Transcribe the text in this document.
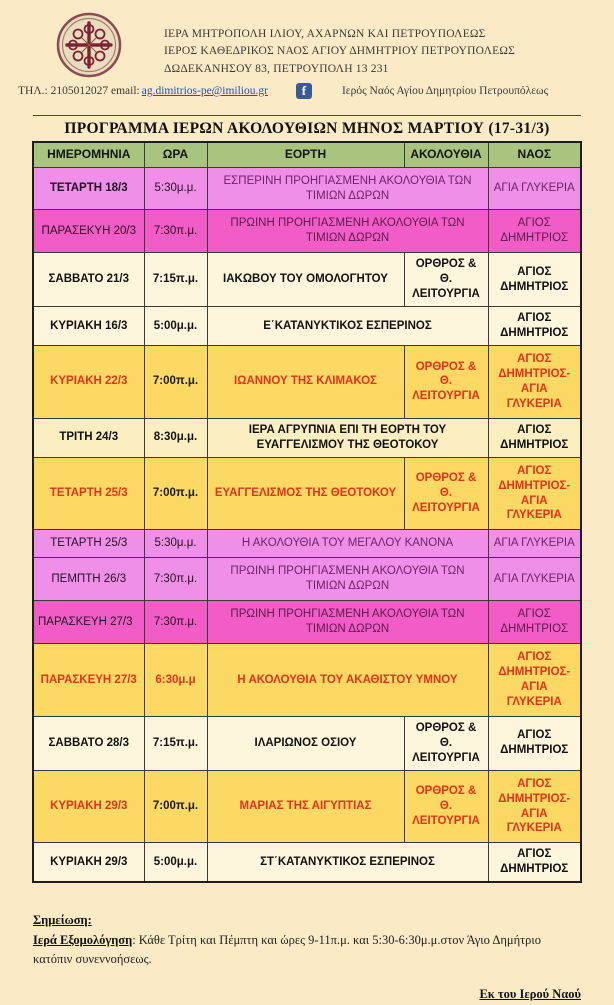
ΙΕΡΑ ΜΗΤΡΟΠΟΛΗ ΙΛΙΟΥ, ΑΧΑΡΝΩΝ ΚΑΙ ΠΕΤΡΟΥΠΟΛΕΩΣ
ΙΕΡΟΣ ΚΑΘΕΔΡΙΚΟΣ ΝΑΟΣ ΑΓΙΟΥ ΔΗΜΗΤΡΙΟΥ ΠΕΤΡΟΥΠΟΛΕΩΣ
ΔΩΔΕΚΑΝΗΣΟΥ 83, ΠΕΤΡΟΥΠΟΛΗ 13 231
ΤΗΛ.: 2105012027 email: ag.dimitrios-pe@imiliou.gr	f	Ιερός Ναός Αγίου Δημητρίου Πετρουπόλεως
ΠΡΟΓΡΑΜΜΑ ΙΕΡΩΝ ΑΚΟΛΟΥΘΙΩΝ ΜΗΝΟΣ ΜΑΡΤΙΟΥ (17-31/3)
ΗΜΕΡΟΜΗΝΙΑ	ΩΡΑ	ΕΟΡΤΗ	ΑΚΟΛΟΥΘΙΑ	ΝΑΟΣ
ΤΕΤΑΡΤΗ 18/3	5:30μ.μ.	ΕΣΠΕΡΙΝΗ ΠΡΟΗΓΙΑΣΜΕΝΗ ΑΚΟΛΟΥΘΙΑ ΤΩΝ ΤΙΜΙΩΝ ΔΩΡΩΝ		ΑΓΙΑ ΓΛΥΚΕΡΙΑ
ΠΑΡΑΣΕΚΥΗ 20/3	7:30π.μ.	ΠΡΩΙΝΗ ΠΡΟΗΓΙΑΣΜΕΝΗ ΑΚΟΛΟΥΘΙΑ ΤΩΝ ΤΙΜΙΩΝ ΔΩΡΩΝ		ΑΓΙΟΣ ΔΗΜΗΤΡΙΟΣ
ΣΑΒΒΑΤΟ 21/3	7:15π.μ.	ΙΑΚΩΒΟΥ ΤΟΥ ΟΜΟΛΟΓΗΤΟΥ	ΟΡΘΡΟΣ & Θ. ΛΕΙΤΟΥΡΓΙΑ	ΑΓΙΟΣ ΔΗΜΗΤΡΙΟΣ
ΚΥΡΙΑΚΗ 16/3	5:00μ.μ.	Ε΄ΚΑΤΑΝΥΚΤΙΚΟΣ ΕΣΠΕΡΙΝΟΣ		ΑΓΙΟΣ ΔΗΜΗΤΡΙΟΣ
ΚΥΡΙΑΚΗ 22/3	7:00π.μ.	ΙΩΑΝΝΟΥ ΤΗΣ ΚΛΙΜΑΚΟΣ	ΟΡΘΡΟΣ & Θ. ΛΕΙΤΟΥΡΓΙΑ	ΑΓΙΟΣ ΔΗΜΗΤΡΙΟΣ- ΑΓΙΑ ΓΛΥΚΕΡΙΑ
ΤΡΙΤΗ 24/3	8:30μ.μ.	ΙΕΡΑ ΑΓΡΥΠΝΙΑ ΕΠΙ ΤΗ ΕΟΡΤΗ ΤΟΥ ΕΥΑΓΓΕΛΙΣΜΟΥ ΤΗΣ ΘΕΟΤΟΚΟΥ		ΑΓΙΟΣ ΔΗΜΗΤΡΙΟΣ
ΤΕΤΑΡΤΗ 25/3	7:00π.μ.	ΕΥΑΓΓΕΛΙΣΜΟΣ ΤΗΣ ΘΕΟΤΟΚΟΥ	ΟΡΘΡΟΣ & Θ. ΛΕΙΤΟΥΡΓΙΑ	ΑΓΙΟΣ ΔΗΜΗΤΡΙΟΣ- ΑΓΙΑ ΓΛΥΚΕΡΙΑ
ΤΕΤΑΡΤΗ 25/3	5:30μ.μ.	Η ΑΚΟΛΟΥΘΙΑ ΤΟΥ ΜΕΓΑΛΟΥ ΚΑΝΟΝΑ		ΑΓΙΑ ΓΛΥΚΕΡΙΑ
ΠΕΜΠΤΗ 26/3	7:30π.μ.	ΠΡΩΙΝΗ ΠΡΟΗΓΙΑΣΜΕΝΗ ΑΚΟΛΟΥΘΙΑ ΤΩΝ ΤΙΜΙΩΝ ΔΩΡΩΝ		ΑΓΙΑ ΓΛΥΚΕΡΙΑ
ΠΑΡΑΣΚΕΥΗ 27/3	7:30π.μ.	ΠΡΩΙΝΗ ΠΡΟΗΓΙΑΣΜΕΝΗ ΑΚΟΛΟΥΘΙΑ ΤΩΝ ΤΙΜΙΩΝ ΔΩΡΩΝ		ΑΓΙΟΣ ΔΗΜΗΤΡΙΟΣ
ΠΑΡΑΣΚΕΥΗ 27/3	6:30μ.μ	Η ΑΚΟΛΟΥΘΙΑ ΤΟΥ ΑΚΑΘΙΣΤΟΥ ΥΜΝΟΥ		ΑΓΙΟΣ ΔΗΜΗΤΡΙΟΣ- ΑΓΙΑ ΓΛΥΚΕΡΙΑ
ΣΑΒΒΑΤΟ 28/3	7:15π.μ.	ΙΛΑΡΙΩΝΟΣ ΟΣΙΟΥ	ΟΡΘΡΟΣ & Θ. ΛΕΙΤΟΥΡΓΙΑ	ΑΓΙΟΣ ΔΗΜΗΤΡΙΟΣ
ΚΥΡΙΑΚΗ 29/3	7:00π.μ.	ΜΑΡΙΑΣ ΤΗΣ ΑΙΓΥΠΤΙΑΣ	ΟΡΘΡΟΣ & Θ. ΛΕΙΤΟΥΡΓΙΑ	ΑΓΙΟΣ ΔΗΜΗΤΡΙΟΣ- ΑΓΙΑ ΓΛΥΚΕΡΙΑ
ΚΥΡΙΑΚΗ 29/3	5:00μ.μ.	ΣΤ΄ΚΑΤΑΝΥΚΤΙΚΟΣ ΕΣΠΕΡΙΝΟΣ		ΑΓΙΟΣ ΔΗΜΗΤΡΙΟΣ
Σημείωση:
Ιερά Εξομολόγηση: Κάθε Τρίτη και Πέμπτη και ώρες 9-11π.μ. και 5:30-6:30μ.μ.στον Άγιο Δημήτριο κατόπιν συνεννοήσεως.
Εκ του Ιερού Ναού
